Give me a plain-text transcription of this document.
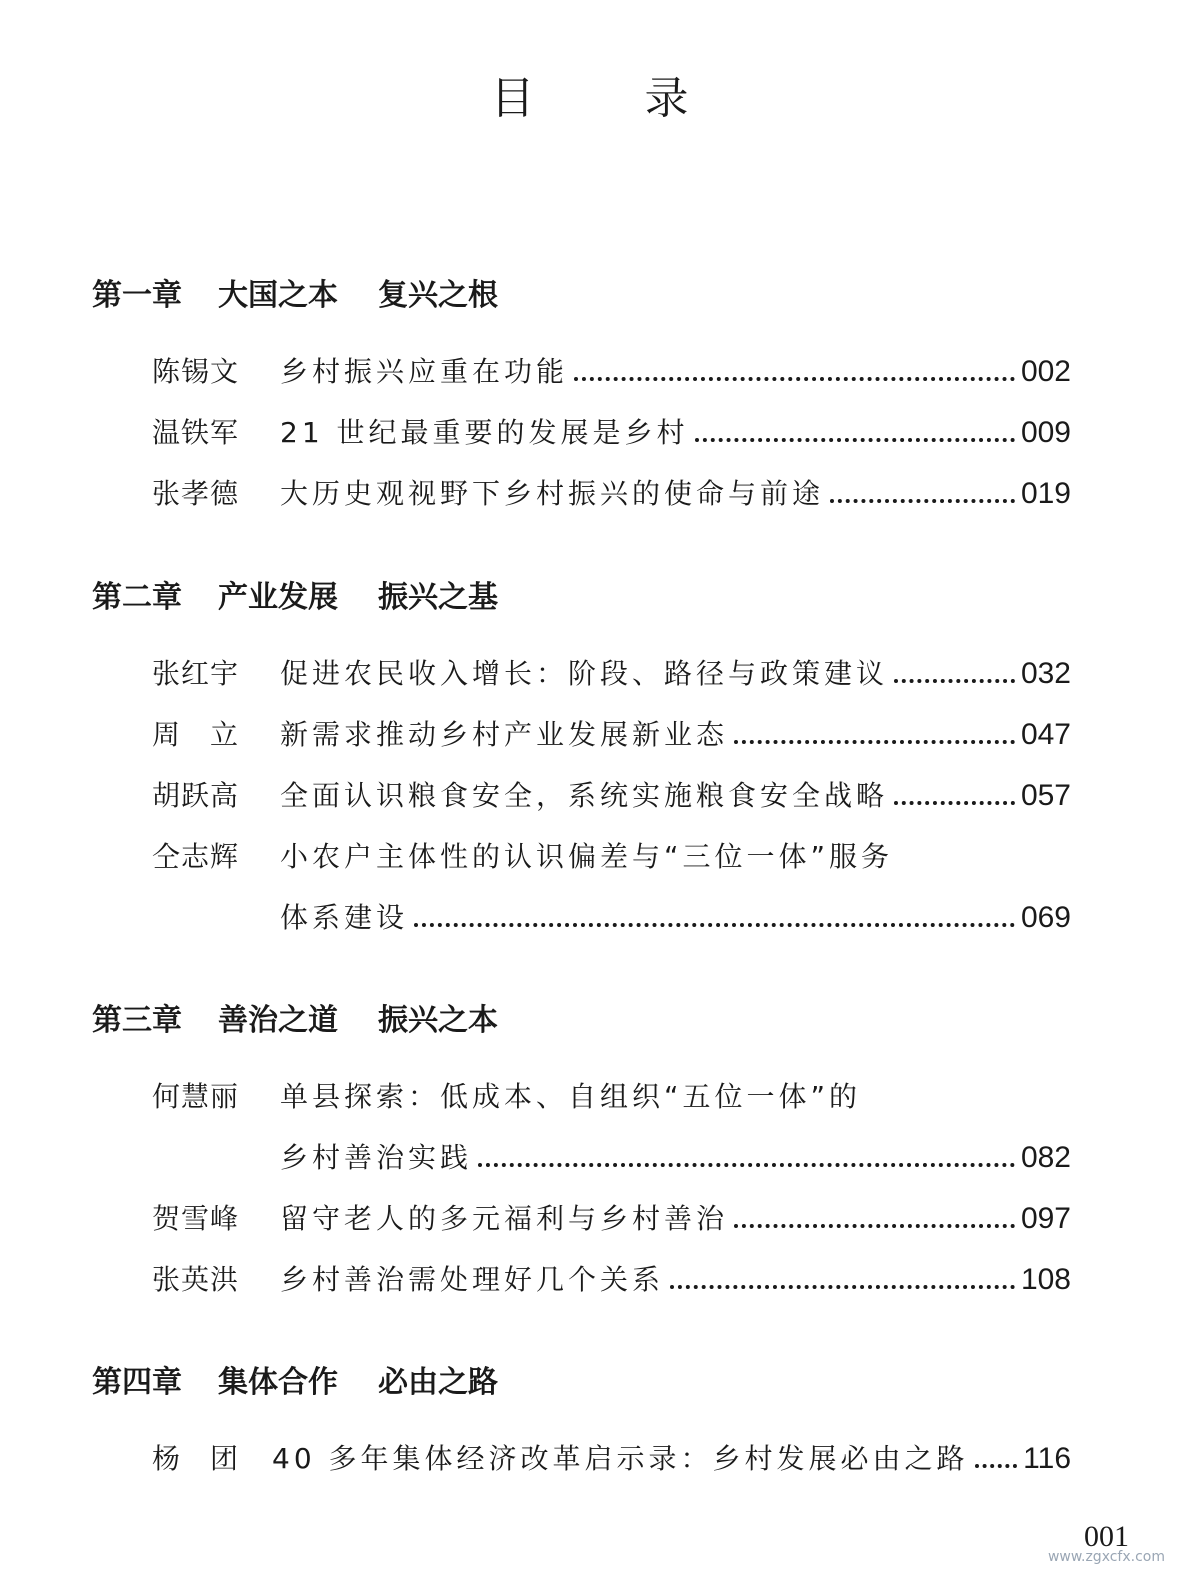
目 录
第一章 大国之本 复兴之根
陈锡文	乡村振兴应重在功能	002
温铁军	21 世纪最重要的发展是乡村	009
张孝德	大历史观视野下乡村振兴的使命与前途	019
第二章 产业发展 振兴之基
张红宇	促进农民收入增长：阶段、路径与政策建议	032
周　立	新需求推动乡村产业发展新业态	047
胡跃高	全面认识粮食安全，系统实施粮食安全战略	057
仝志辉	小农户主体性的认识偏差与“三位一体”服务
体系建设	069
第三章 善治之道 振兴之本
何慧丽	单县探索：低成本、自组织“五位一体”的
乡村善治实践	082
贺雪峰	留守老人的多元福利与乡村善治	097
张英洪	乡村善治需处理好几个关系	108
第四章 集体合作 必由之路
杨　团	40 多年集体经济改革启示录：乡村发展必由之路 116
001
www.zgxcfx.com
